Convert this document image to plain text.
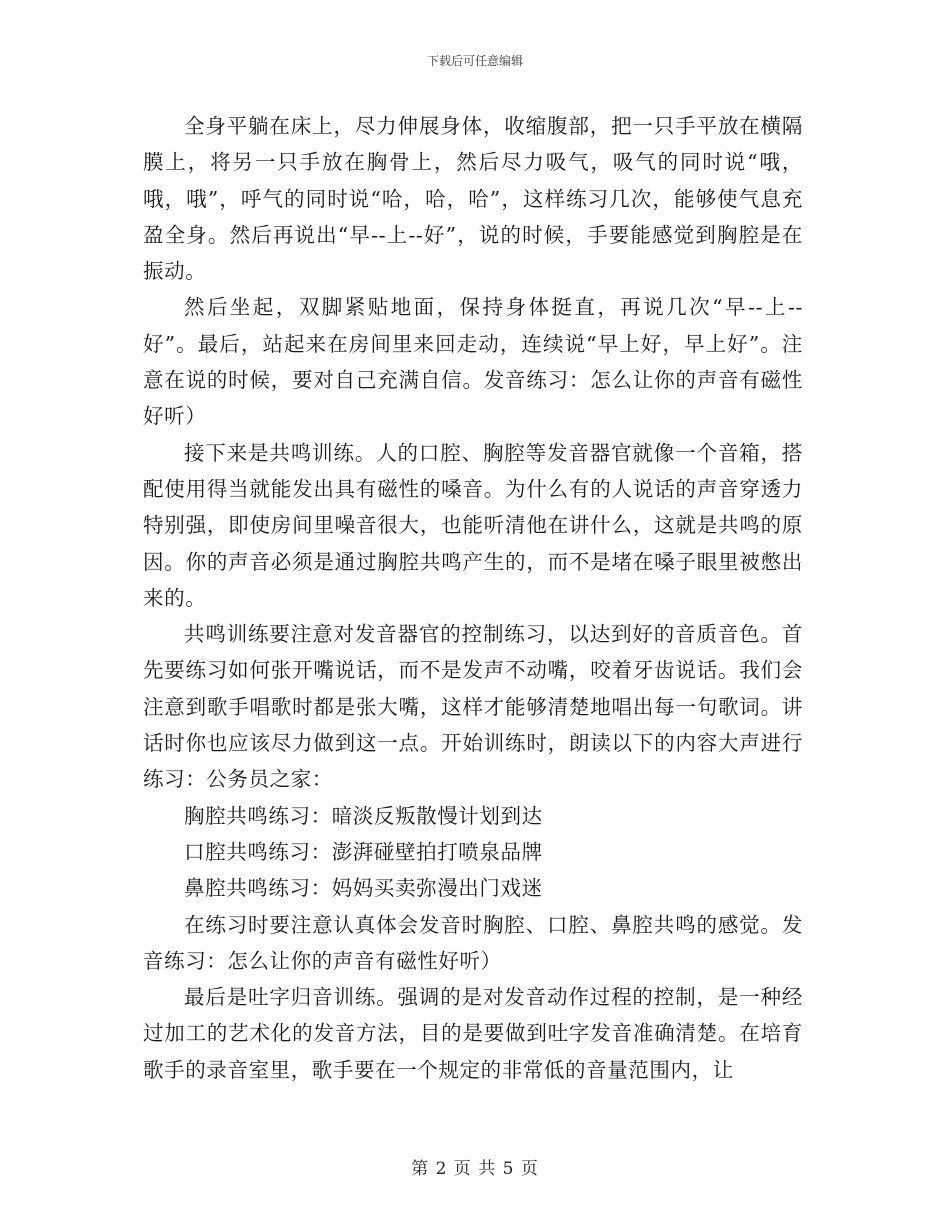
下载后可任意编辑

全身平躺在床上，尽力伸展身体，收缩腹部，把一只手平放在横隔膜上，将另一只手放在胸骨上，然后尽力吸气，吸气的同时说“哦，哦，哦”，呼气的同时说“哈，哈，哈”，这样练习几次，能够使气息充盈全身。然后再说出“早--上--好”，说的时候，手要能感觉到胸腔是在振动。

然后坐起，双脚紧贴地面，保持身体挺直，再说几次“早--上--好”。最后，站起来在房间里来回走动，连续说“早上好，早上好”。注意在说的时候，要对自己充满自信。发音练习：怎么让你的声音有磁性好听）

接下来是共鸣训练。人的口腔、胸腔等发音器官就像一个音箱，搭配使用得当就能发出具有磁性的嗓音。为什么有的人说话的声音穿透力特别强，即使房间里噪音很大，也能听清他在讲什么，这就是共鸣的原因。你的声音必须是通过胸腔共鸣产生的，而不是堵在嗓子眼里被憋出来的。

共鸣训练要注意对发音器官的控制练习，以达到好的音质音色。首先要练习如何张开嘴说话，而不是发声不动嘴，咬着牙齿说话。我们会注意到歌手唱歌时都是张大嘴，这样才能够清楚地唱出每一句歌词。讲话时你也应该尽力做到这一点。开始训练时，朗读以下的内容大声进行练习：公务员之家：

胸腔共鸣练习：暗淡反叛散慢计划到达

口腔共鸣练习：澎湃碰壁拍打喷泉品牌

鼻腔共鸣练习：妈妈买卖弥漫出门戏迷

在练习时要注意认真体会发音时胸腔、口腔、鼻腔共鸣的感觉。发音练习：怎么让你的声音有磁性好听）

最后是吐字归音训练。强调的是对发音动作过程的控制，是一种经过加工的艺术化的发音方法，目的是要做到吐字发音准确清楚。在培育歌手的录音室里，歌手要在一个规定的非常低的音量范围内，让

第 2 页 共 5 页
